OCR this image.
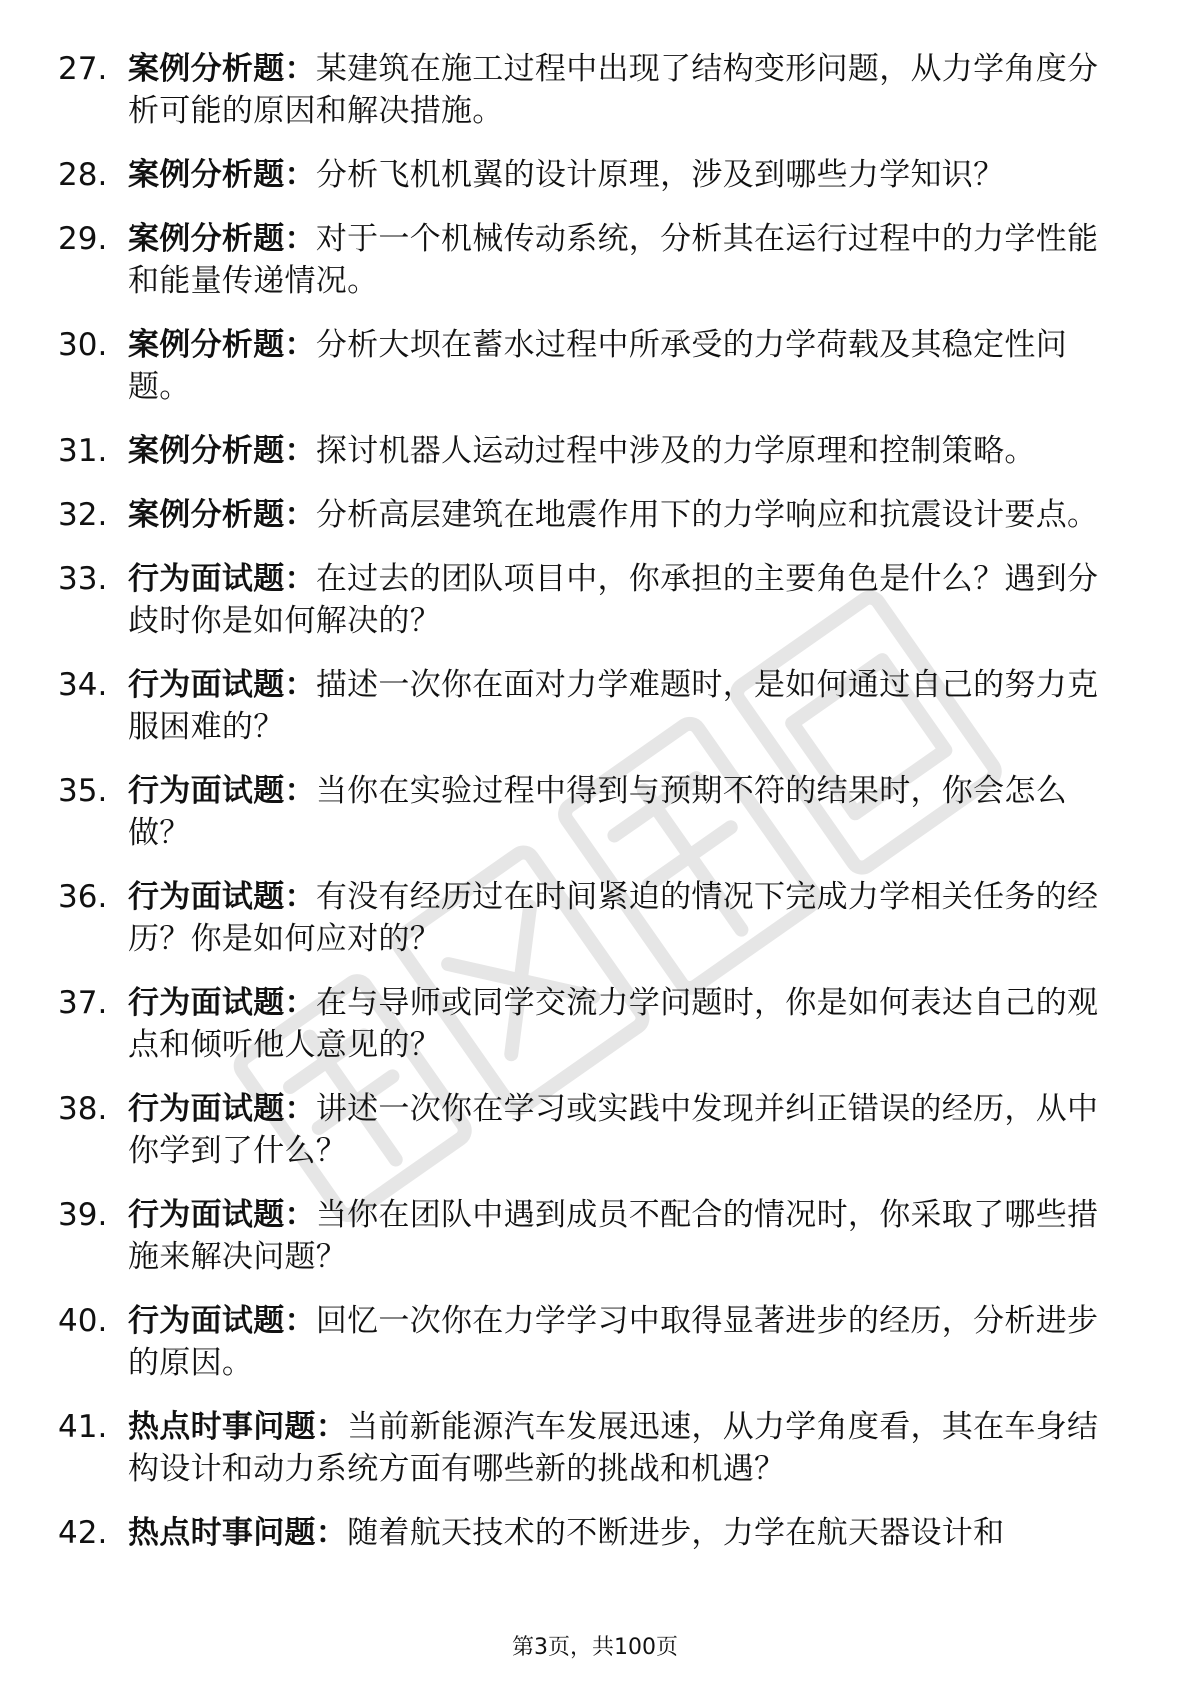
27. 案例分析题：某建筑在施工过程中出现了结构变形问题，从力学角度分析可能的原因和解决措施。
28. 案例分析题：分析飞机机翼的设计原理，涉及到哪些力学知识？
29. 案例分析题：对于一个机械传动系统，分析其在运行过程中的力学性能和能量传递情况。
30. 案例分析题：分析大坝在蓄水过程中所承受的力学荷载及其稳定性问题。
31. 案例分析题：探讨机器人运动过程中涉及的力学原理和控制策略。
32. 案例分析题：分析高层建筑在地震作用下的力学响应和抗震设计要点。
33. 行为面试题：在过去的团队项目中，你承担的主要角色是什么？遇到分歧时你是如何解决的？
34. 行为面试题：描述一次你在面对力学难题时，是如何通过自己的努力克服困难的？
35. 行为面试题：当你在实验过程中得到与预期不符的结果时，你会怎么做？
36. 行为面试题：有没有经历过在时间紧迫的情况下完成力学相关任务的经历？你是如何应对的？
37. 行为面试题：在与导师或同学交流力学问题时，你是如何表达自己的观点和倾听他人意见的？
38. 行为面试题：讲述一次你在学习或实践中发现并纠正错误的经历，从中你学到了什么？
39. 行为面试题：当你在团队中遇到成员不配合的情况时，你采取了哪些措施来解决问题？
40. 行为面试题：回忆一次你在力学学习中取得显著进步的经历，分析进步的原因。
41. 热点时事问题：当前新能源汽车发展迅速，从力学角度看，其在车身结构设计和动力系统方面有哪些新的挑战和机遇？
42. 热点时事问题：随着航天技术的不断进步，力学在航天器设计和
第3页，共100页
